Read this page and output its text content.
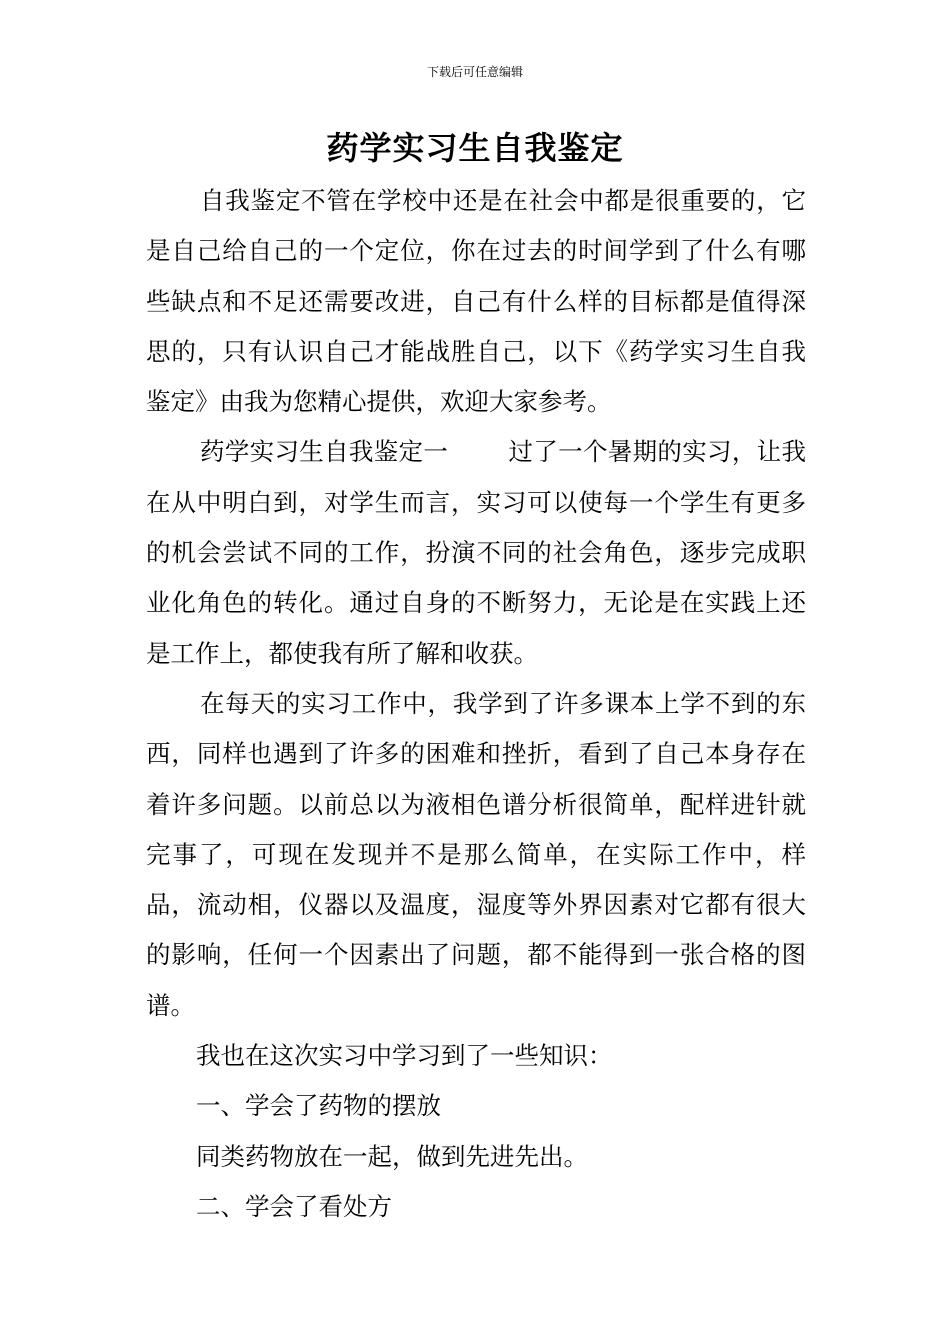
下载后可任意编辑
药学实习生自我鉴定

自我鉴定不管在学校中还是在社会中都是很重要的，它是自己给自己的一个定位，你在过去的时间学到了什么有哪些缺点和不足还需要改进，自己有什么样的目标都是值得深思的，只有认识自己才能战胜自己，以下《药学实习生自我鉴定》由我为您精心提供，欢迎大家参考。

药学实习生自我鉴定一 过了一个暑期的实习，让我在从中明白到，对学生而言，实习可以使每一个学生有更多的机会尝试不同的工作，扮演不同的社会角色，逐步完成职业化角色的转化。通过自身的不断努力，无论是在实践上还是工作上，都使我有所了解和收获。

在每天的实习工作中，我学到了许多课本上学不到的东西，同样也遇到了许多的困难和挫折，看到了自己本身存在着许多问题。以前总以为液相色谱分析很简单，配样进针就完事了，可现在发现并不是那么简单，在实际工作中，样品，流动相，仪器以及温度，湿度等外界因素对它都有很大的影响，任何一个因素出了问题，都不能得到一张合格的图谱。

我也在这次实习中学习到了一些知识：

一、学会了药物的摆放

同类药物放在一起，做到先进先出。

二、学会了看处方
